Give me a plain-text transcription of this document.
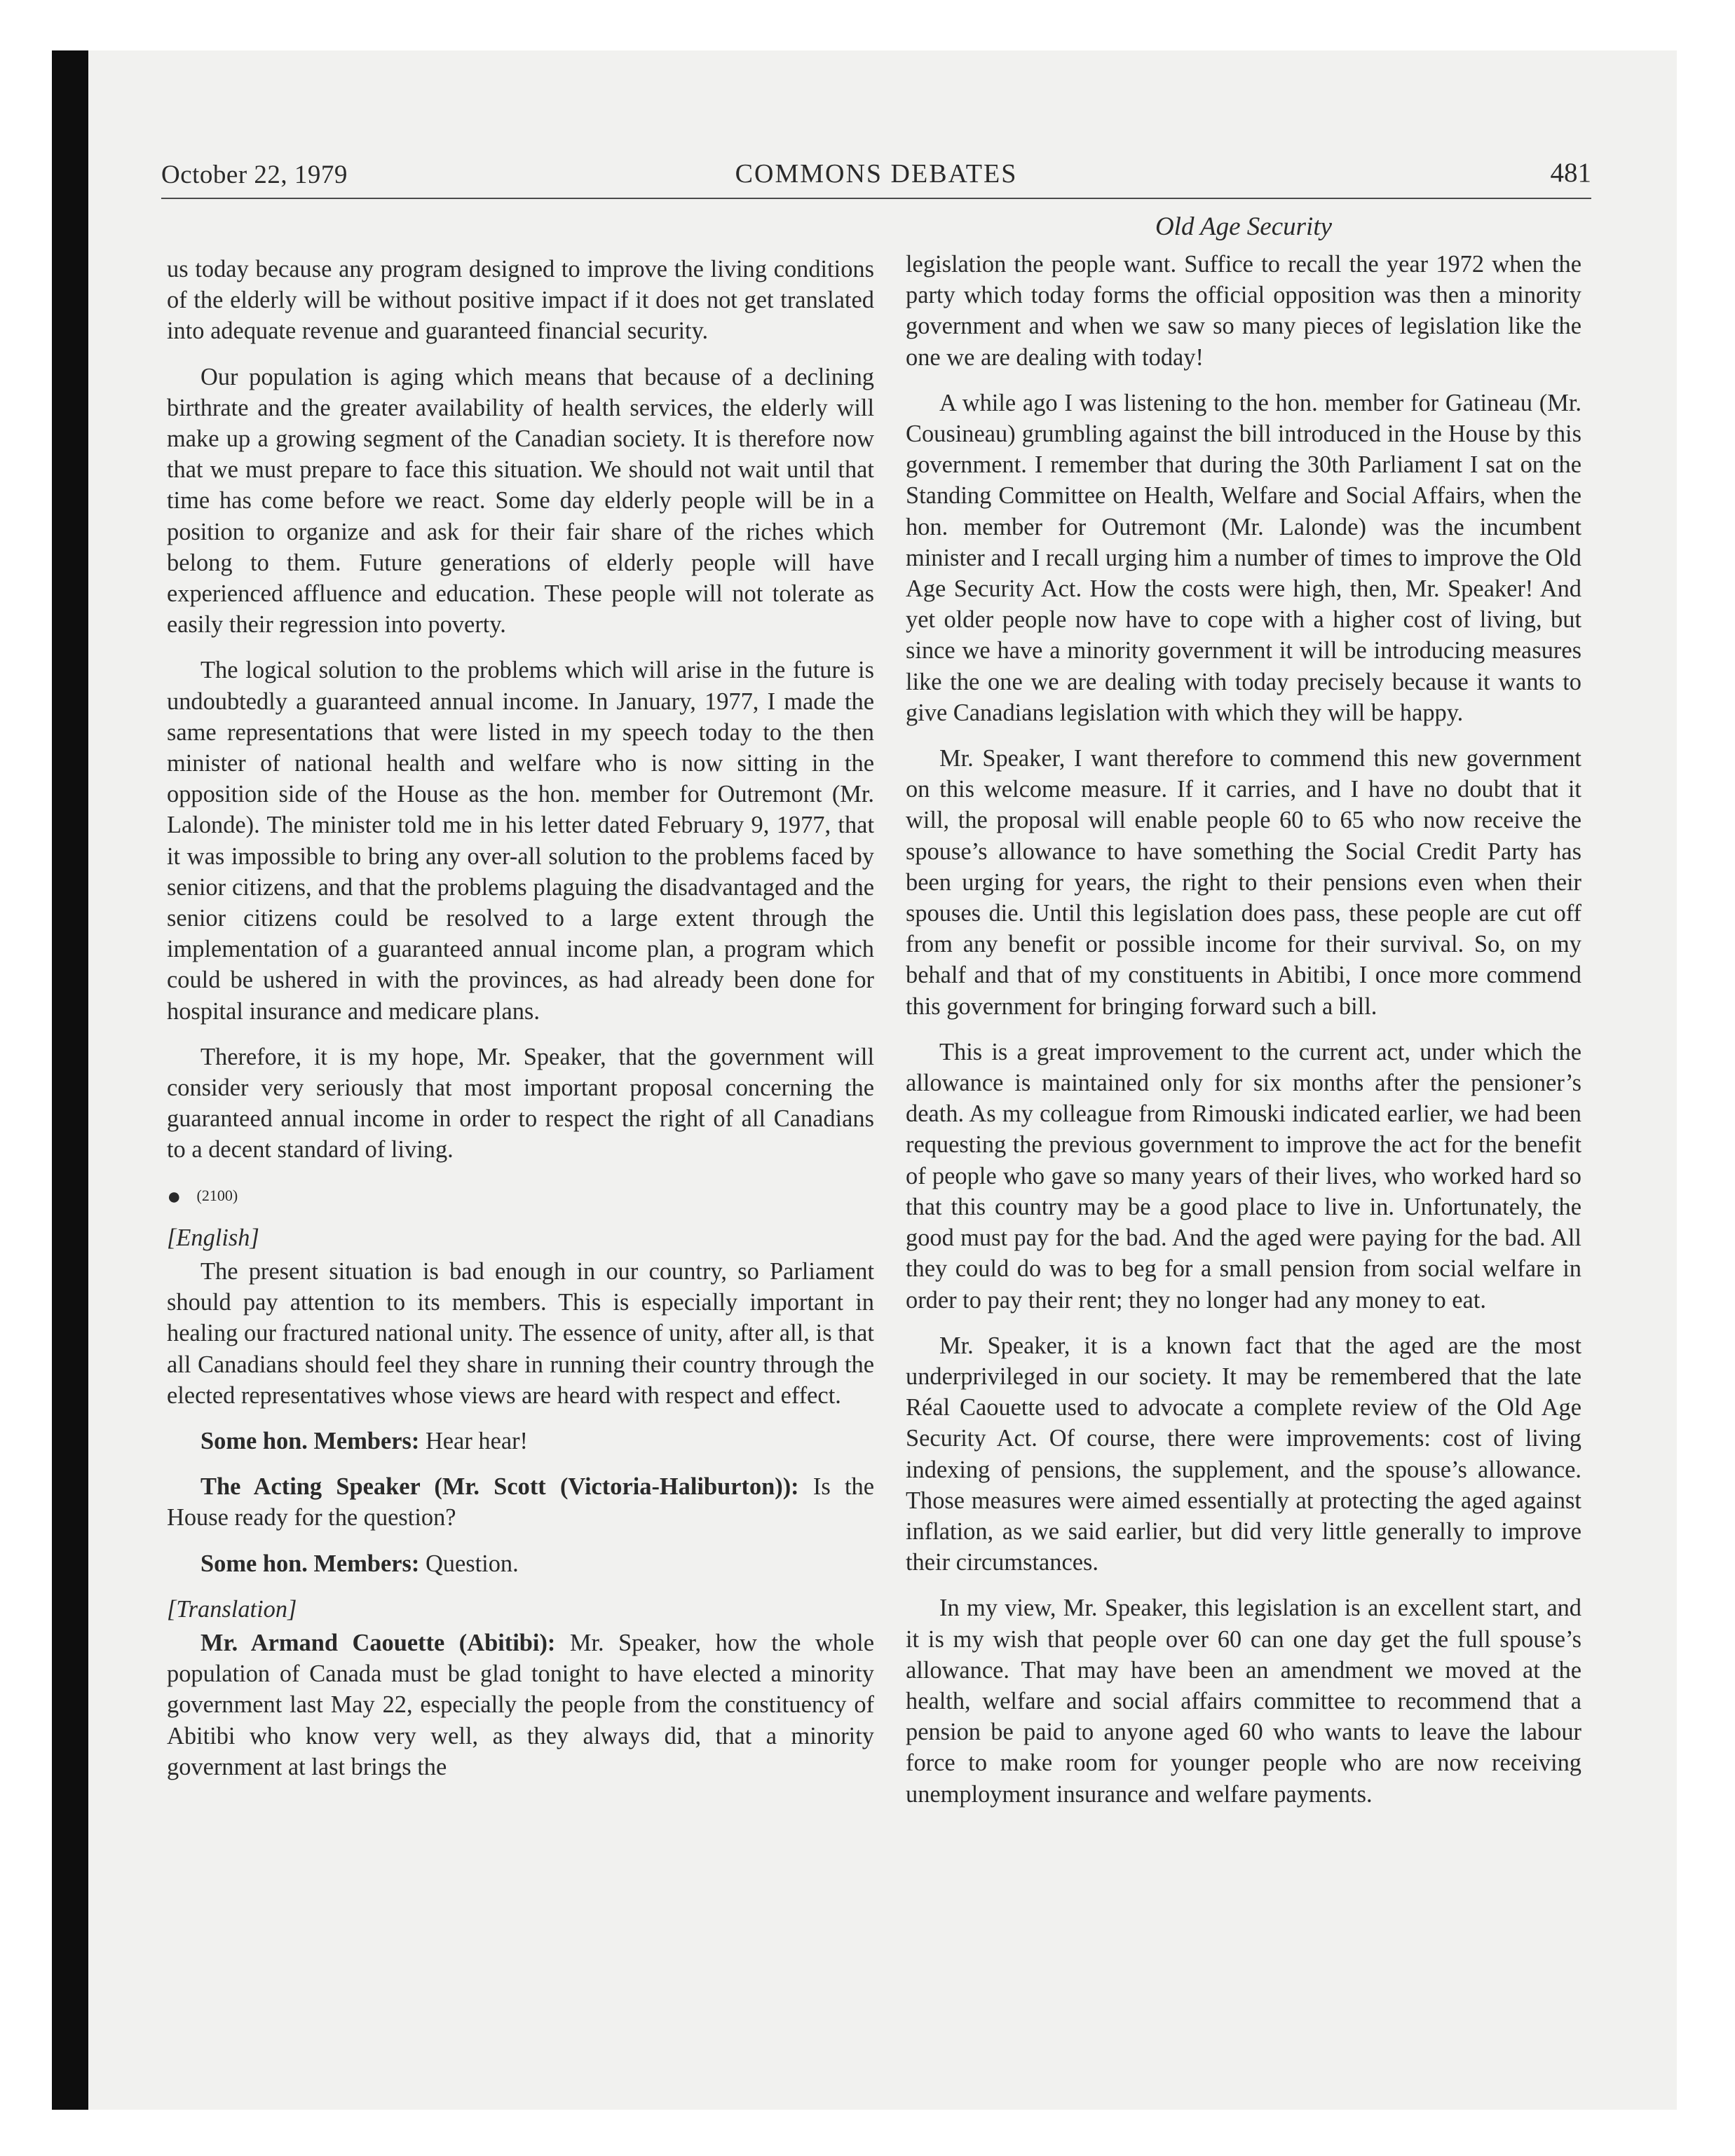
October 22, 1979	COMMONS DEBATES	481
Old Age Security

us today because any program designed to improve the living conditions of the elderly will be without positive impact if it does not get translated into adequate revenue and guaranteed financial security.

Our population is aging which means that because of a declining birthrate and the greater availability of health services, the elderly will make up a growing segment of the Canadian society. It is therefore now that we must prepare to face this situation. We should not wait until that time has come before we react. Some day elderly people will be in a position to organize and ask for their fair share of the riches which belong to them. Future generations of elderly people will have experienced affluence and education. These people will not tolerate as easily their regression into poverty.

The logical solution to the problems which will arise in the future is undoubtedly a guaranteed annual income. In January, 1977, I made the same representations that were listed in my speech today to the then minister of national health and welfare who is now sitting in the opposition side of the House as the hon. member for Outremont (Mr. Lalonde). The minister told me in his letter dated February 9, 1977, that it was impossible to bring any over-all solution to the problems faced by senior citizens, and that the problems plaguing the disadvantaged and the senior citizens could be resolved to a large extent through the implementation of a guaranteed annual income plan, a program which could be ushered in with the provinces, as had already been done for hospital insurance and medicare plans.

Therefore, it is my hope, Mr. Speaker, that the government will consider very seriously that most important proposal concerning the guaranteed annual income in order to respect the right of all Canadians to a decent standard of living.

● (2100)

[English]

The present situation is bad enough in our country, so Parliament should pay attention to its members. This is especially important in healing our fractured national unity. The essence of unity, after all, is that all Canadians should feel they share in running their country through the elected representatives whose views are heard with respect and effect.

Some hon. Members: Hear hear!

The Acting Speaker (Mr. Scott (Victoria-Haliburton)): Is the House ready for the question?

Some hon. Members: Question.

[Translation]

Mr. Armand Caouette (Abitibi): Mr. Speaker, how the whole population of Canada must be glad tonight to have elected a minority government last May 22, especially the people from the constituency of Abitibi who know very well, as they always did, that a minority government at last brings the

legislation the people want. Suffice to recall the year 1972 when the party which today forms the official opposition was then a minority government and when we saw so many pieces of legislation like the one we are dealing with today!

A while ago I was listening to the hon. member for Gatineau (Mr. Cousineau) grumbling against the bill introduced in the House by this government. I remember that during the 30th Parliament I sat on the Standing Committee on Health, Welfare and Social Affairs, when the hon. member for Outremont (Mr. Lalonde) was the incumbent minister and I recall urging him a number of times to improve the Old Age Security Act. How the costs were high, then, Mr. Speaker! And yet older people now have to cope with a higher cost of living, but since we have a minority government it will be introducing measures like the one we are dealing with today precisely because it wants to give Canadians legislation with which they will be happy.

Mr. Speaker, I want therefore to commend this new government on this welcome measure. If it carries, and I have no doubt that it will, the proposal will enable people 60 to 65 who now receive the spouse’s allowance to have something the Social Credit Party has been urging for years, the right to their pensions even when their spouses die. Until this legislation does pass, these people are cut off from any benefit or possible income for their survival. So, on my behalf and that of my constituents in Abitibi, I once more commend this government for bringing forward such a bill.

This is a great improvement to the current act, under which the allowance is maintained only for six months after the pensioner’s death. As my colleague from Rimouski indicated earlier, we had been requesting the previous government to improve the act for the benefit of people who gave so many years of their lives, who worked hard so that this country may be a good place to live in. Unfortunately, the good must pay for the bad. And the aged were paying for the bad. All they could do was to beg for a small pension from social welfare in order to pay their rent; they no longer had any money to eat.

Mr. Speaker, it is a known fact that the aged are the most underprivileged in our society. It may be remembered that the late Réal Caouette used to advocate a complete review of the Old Age Security Act. Of course, there were improvements: cost of living indexing of pensions, the supplement, and the spouse’s allowance. Those measures were aimed essentially at protecting the aged against inflation, as we said earlier, but did very little generally to improve their circumstances.

In my view, Mr. Speaker, this legislation is an excellent start, and it is my wish that people over 60 can one day get the full spouse’s allowance. That may have been an amendment we moved at the health, welfare and social affairs committee to recommend that a pension be paid to anyone aged 60 who wants to leave the labour force to make room for younger people who are now receiving unemployment insurance and welfare payments.
